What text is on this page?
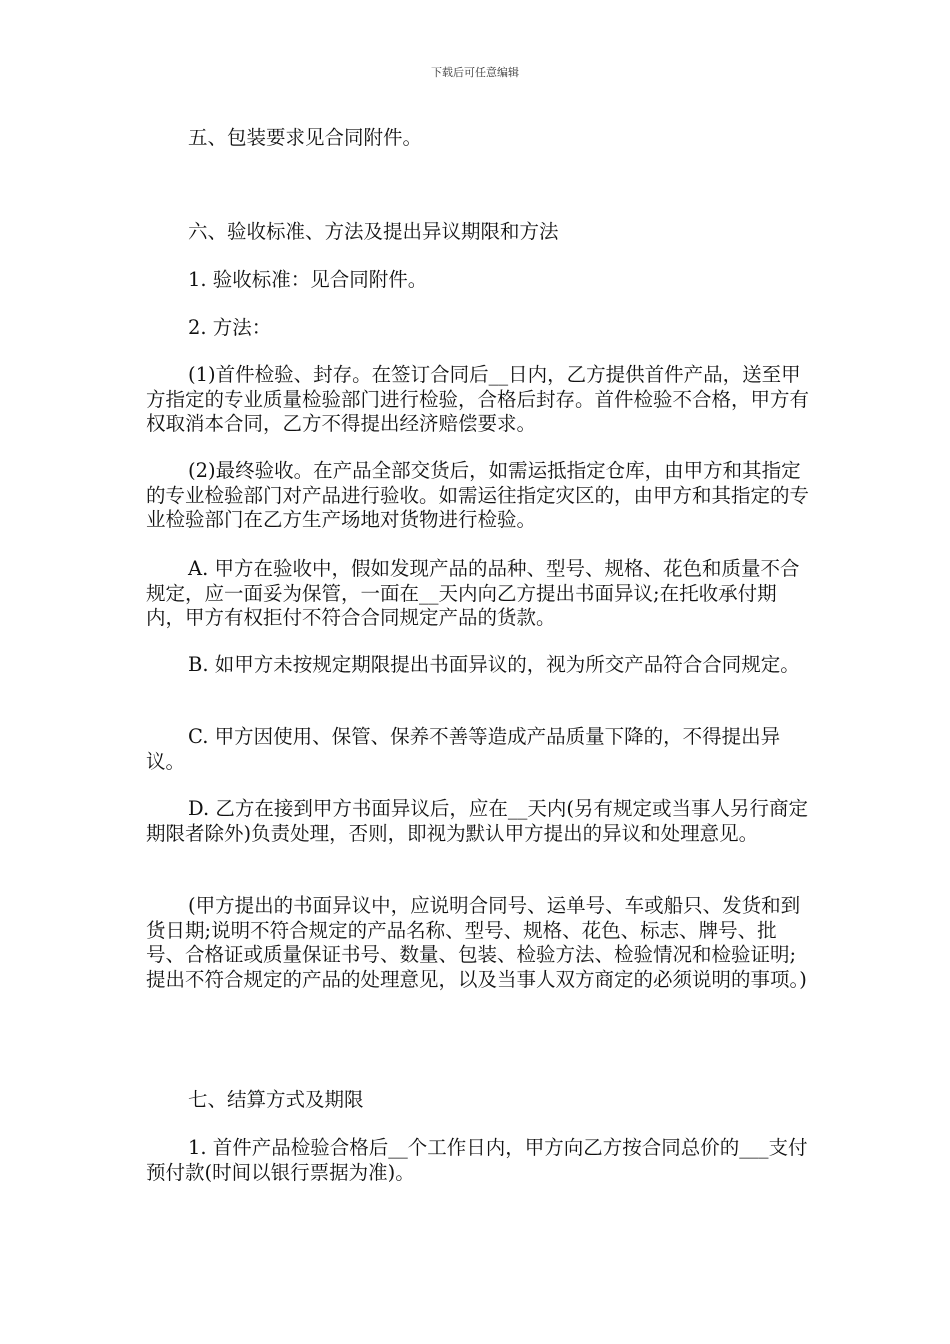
下载后可任意编辑

五、包装要求见合同附件。

六、验收标准、方法及提出异议期限和方法

1. 验收标准：见合同附件。

2. 方法：

(1)首件检验、封存。在签订合同后__日内，乙方提供首件产品，送至甲方指定的专业质量检验部门进行检验，合格后封存。首件检验不合格，甲方有权取消本合同，乙方不得提出经济赔偿要求。

(2)最终验收。在产品全部交货后，如需运抵指定仓库，由甲方和其指定的专业检验部门对产品进行验收。如需运往指定灾区的，由甲方和其指定的专业检验部门在乙方生产场地对货物进行检验。

A. 甲方在验收中，假如发现产品的品种、型号、规格、花色和质量不合规定，应一面妥为保管，一面在__天内向乙方提出书面异议;在托收承付期内，甲方有权拒付不符合合同规定产品的货款。

B. 如甲方未按规定期限提出书面异议的，视为所交产品符合合同规定。

C. 甲方因使用、保管、保养不善等造成产品质量下降的，不得提出异议。

D. 乙方在接到甲方书面异议后，应在__天内(另有规定或当事人另行商定期限者除外)负责处理，否则，即视为默认甲方提出的异议和处理意见。

(甲方提出的书面异议中，应说明合同号、运单号、车或船只、发货和到货日期;说明不符合规定的产品名称、型号、规格、花色、标志、牌号、批号、合格证或质量保证书号、数量、包装、检验方法、检验情况和检验证明;提出不符合规定的产品的处理意见，以及当事人双方商定的必须说明的事项。)

七、结算方式及期限

1. 首件产品检验合格后__个工作日内，甲方向乙方按合同总价的___支付预付款(时间以银行票据为准)。
